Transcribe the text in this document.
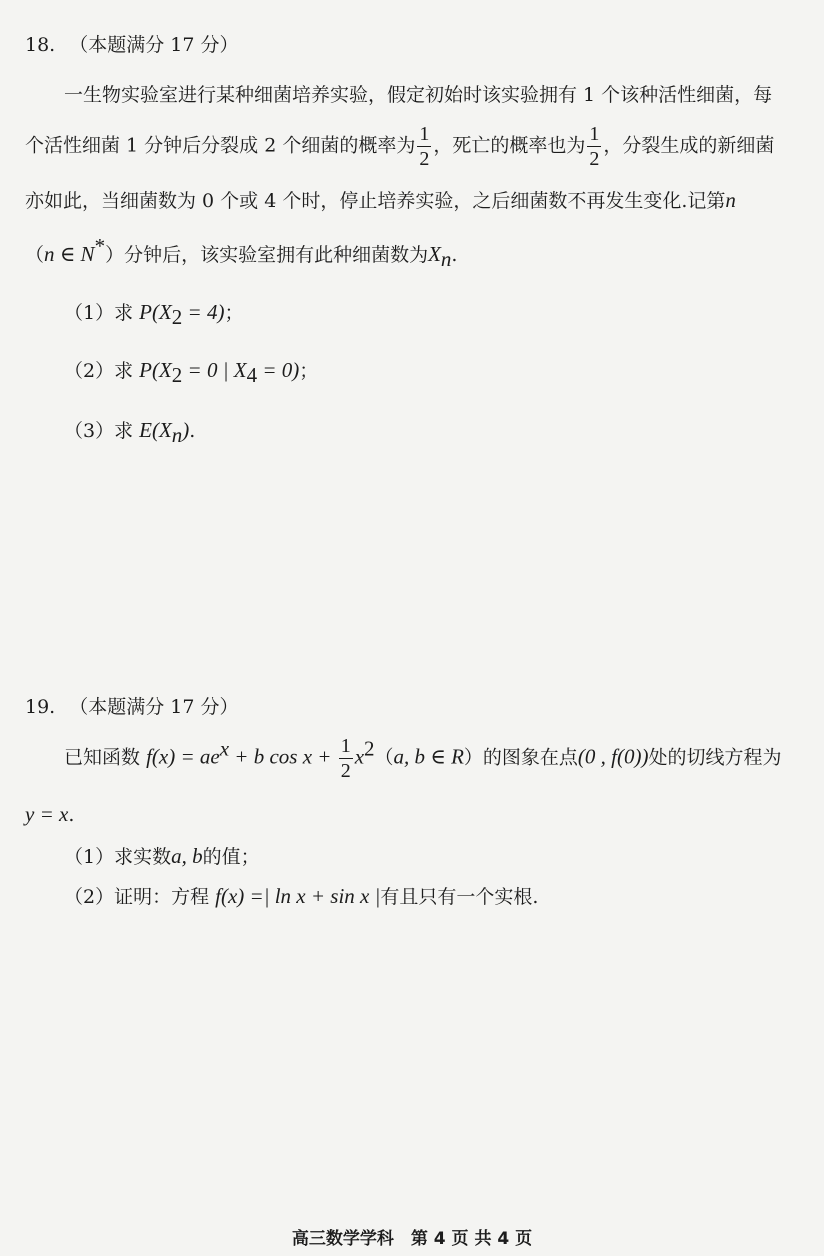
18. （本题满分 17 分）
一生物实验室进行某种细菌培养实验，假定初始时该实验拥有 1 个该种活性细菌，每
个活性细菌 1 分钟后分裂成 2 个细菌的概率为 $\frac{1}{2}$ ，死亡的概率也为 $\frac{1}{2}$ ，分裂生成的新细菌
亦如此，当细菌数为 0 个或 4 个时，停止培养实验，之后细菌数不再发生变化.记第n
（n ∈ N*）分钟后，该实验室拥有此种细菌数为$X_n$.
（1）求 $P(X_2 = 4)$；
（2）求 $P(X_2 = 0$ | $X_4 = 0$)；
（3）求 $E(X_n)$.
19. （本题满分 17 分）
已知函数 $f(x) = ae^x + b$ $\cos x + \frac{1}{2} x^2(a$, b ∈ R）的图象在点(0 , f(0))处的切线方程为
y = x.
（1）求实数a, b的值；
（2）证明：方程 f(x) =| ln x + sin x |有且只有一个实根.
高三数学学科　第 4 页 共 4 页
